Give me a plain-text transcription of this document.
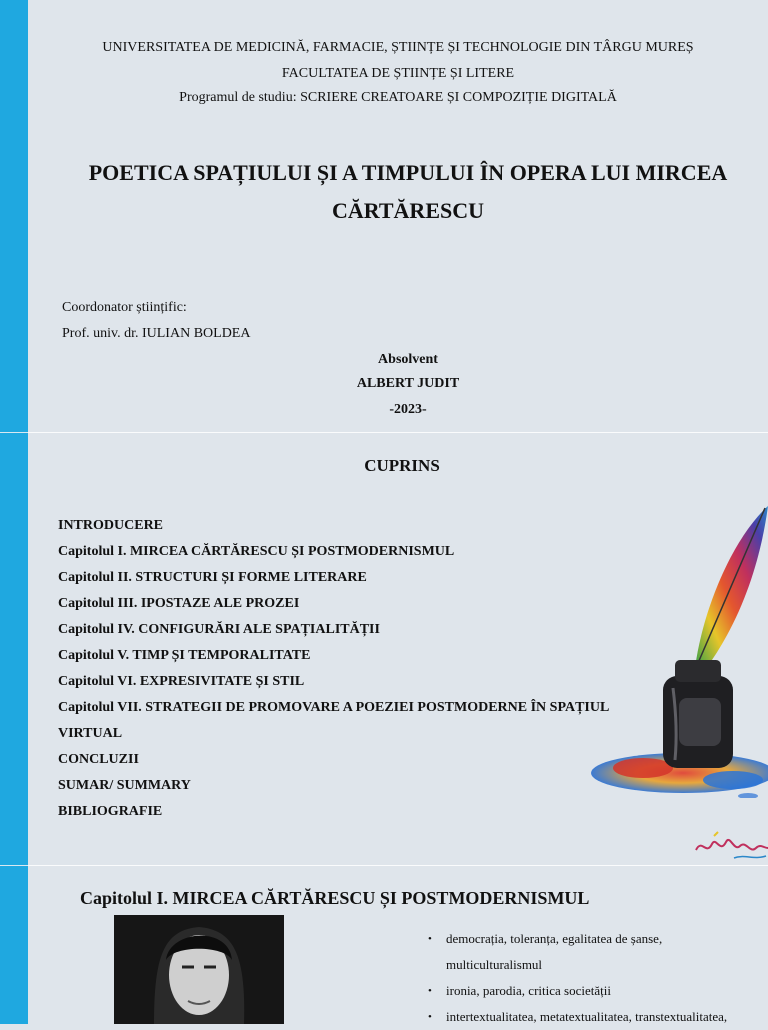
UNIVERSITATEA DE MEDICINĂ, FARMACIE, ȘTIINȚE ȘI TECHNOLOGIE DIN TÂRGU MUREȘ
FACULTATEA DE ȘTIINȚE ȘI LITERE
Programul de studiu: SCRIERE CREATOARE ȘI COMPOZIȚIE DIGITALĂ
POETICA SPAȚIULUI ȘI A TIMPULUI ÎN OPERA LUI MIRCEA
CĂRTĂRESCU
Coordonator științific:
Prof. univ. dr. IULIAN BOLDEA
Absolvent
ALBERT JUDIT
-2023-
CUPRINS
INTRODUCERE
Capitolul I. MIRCEA CĂRTĂRESCU ȘI POSTMODERNISMUL
Capitolul II. STRUCTURI ȘI FORME LITERARE
Capitolul III. IPOSTAZE ALE PROZEI
Capitolul IV. CONFIGURĂRI ALE SPAȚIALITĂȚII
Capitolul V. TIMP ȘI TEMPORALITATE
Capitolul VI. EXPRESIVITATE ȘI STIL
Capitolul VII. STRATEGII DE PROMOVARE A POEZIEI POSTMODERNE ÎN SPAȚIUL
VIRTUAL
CONCLUZII
SUMAR/ SUMMARY
BIBLIOGRAFIE
Capitolul I. MIRCEA CĂRTĂRESCU ȘI POSTMODERNISMUL
• democrația, toleranța, egalitatea de șanse,
multiculturalismul
• ironia, parodia, critica societății
• intertextualitatea, metatextualitatea, transtextualitatea,
